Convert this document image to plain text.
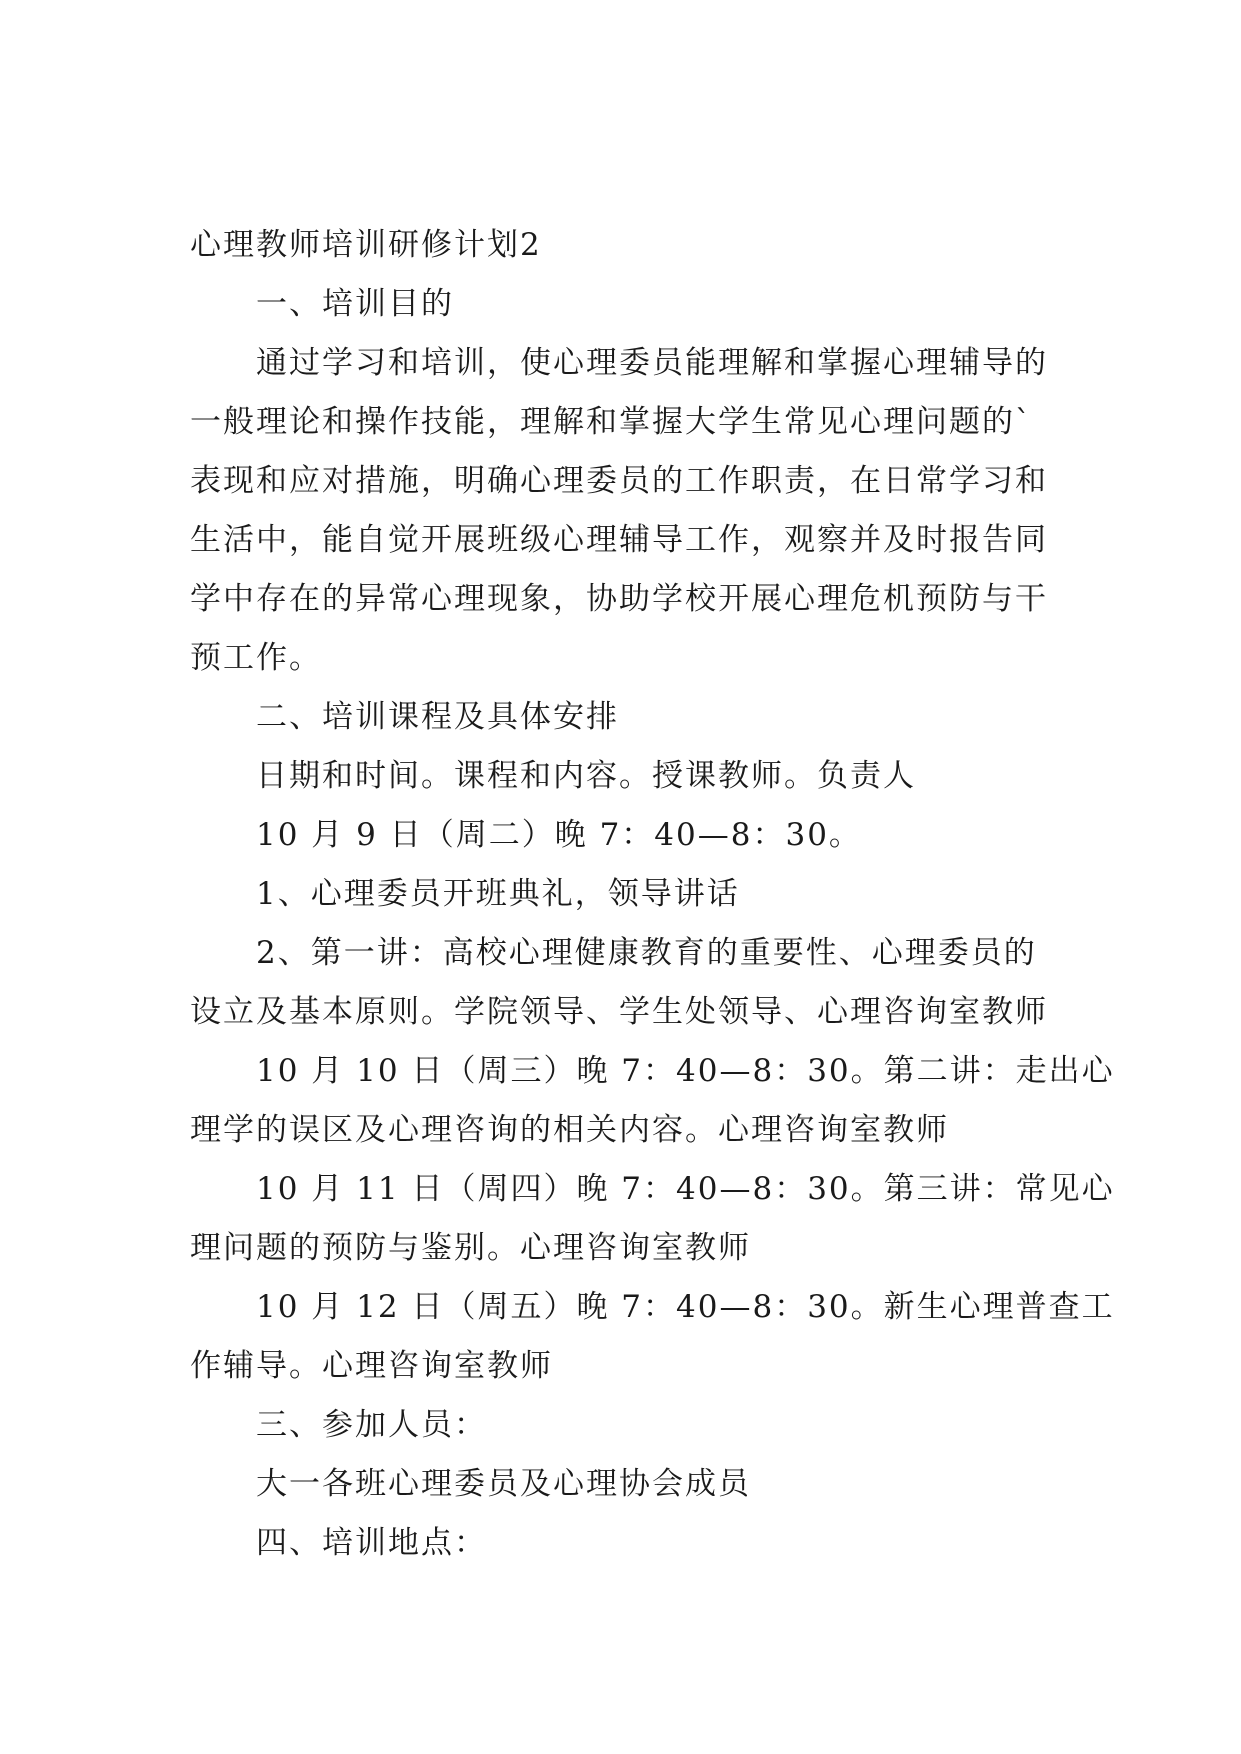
心理教师培训研修计划2

一、培训目的

通过学习和培训，使心理委员能理解和掌握心理辅导的

一般理论和操作技能，理解和掌握大学生常见心理问题的`

表现和应对措施，明确心理委员的工作职责，在日常学习和

生活中，能自觉开展班级心理辅导工作，观察并及时报告同

学中存在的异常心理现象，协助学校开展心理危机预防与干

预工作。

二、培训课程及具体安排

日期和时间。课程和内容。授课教师。负责人

10 月 9 日（周二）晚 7：40—8：30。

1、心理委员开班典礼，领导讲话

2、第一讲：高校心理健康教育的重要性、心理委员的

设立及基本原则。学院领导、学生处领导、心理咨询室教师

10 月 10 日（周三）晚 7：40—8：30。第二讲：走出心

理学的误区及心理咨询的相关内容。心理咨询室教师

10 月 11 日（周四）晚 7：40—8：30。第三讲：常见心

理问题的预防与鉴别。心理咨询室教师

10 月 12 日（周五）晚 7：40—8：30。新生心理普查工

作辅导。心理咨询室教师

三、参加人员：

大一各班心理委员及心理协会成员

四、培训地点：
